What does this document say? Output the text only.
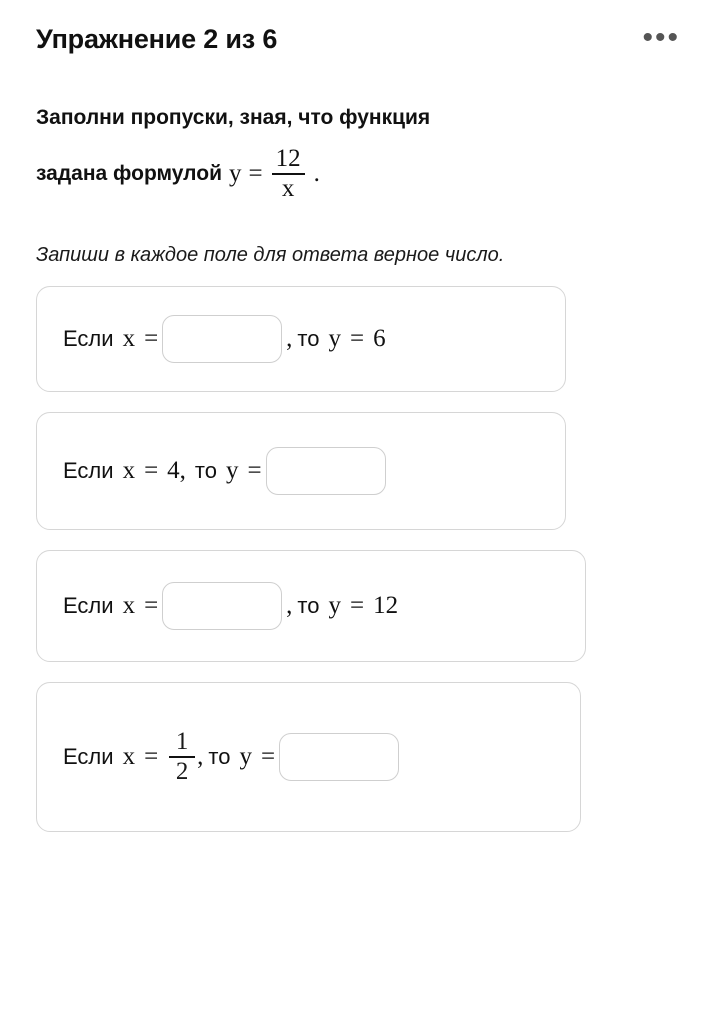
Упражнение 2 из 6	•••
Заполни пропуски, зная, что функция
задана формулой $y = \frac{12}{x}$ .
Запиши в каждое поле для ответа верное число.
Если x =	, то y = 6
Если x = 4 , то y =
Если x =	, то y = 12
Если $x = \frac{1}{2}$ , то y =
